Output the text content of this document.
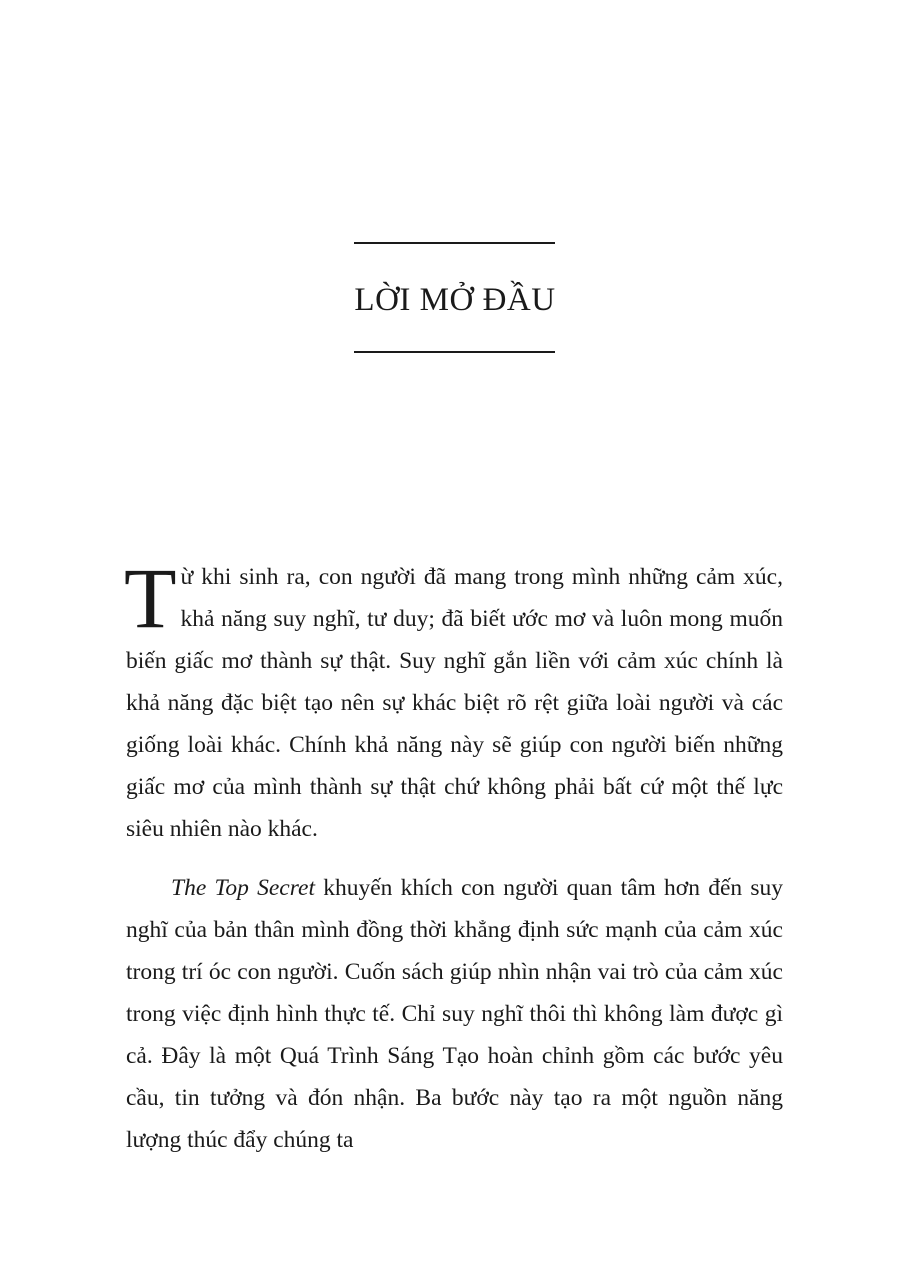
LỜI MỞ ĐẦU

Từ khi sinh ra, con người đã mang trong mình những cảm xúc, khả năng suy nghĩ, tư duy; đã biết ước mơ và luôn mong muốn biến giấc mơ thành sự thật. Suy nghĩ gắn liền với cảm xúc chính là khả năng đặc biệt tạo nên sự khác biệt rõ rệt giữa loài người và các giống loài khác. Chính khả năng này sẽ giúp con người biến những giấc mơ của mình thành sự thật chứ không phải bất cứ một thế lực siêu nhiên nào khác.

The Top Secret khuyến khích con người quan tâm hơn đến suy nghĩ của bản thân mình đồng thời khẳng định sức mạnh của cảm xúc trong trí óc con người. Cuốn sách giúp nhìn nhận vai trò của cảm xúc trong việc định hình thực tế. Chỉ suy nghĩ thôi thì không làm được gì cả. Đây là một Quá Trình Sáng Tạo hoàn chỉnh gồm các bước yêu cầu, tin tưởng và đón nhận. Ba bước này tạo ra một nguồn năng lượng thúc đẩy chúng ta
